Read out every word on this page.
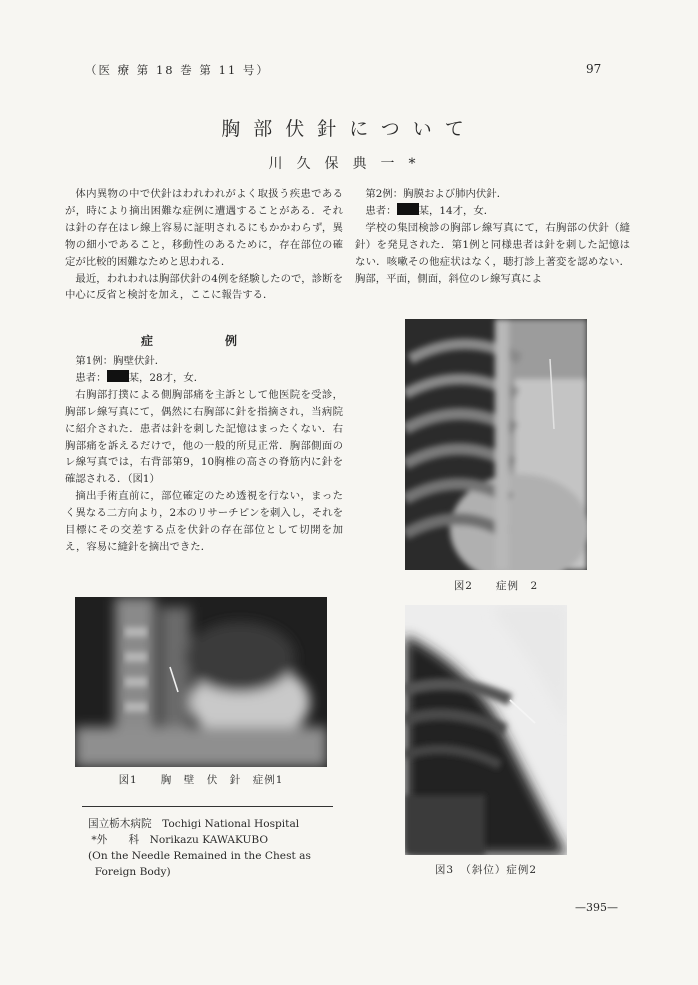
（医 療 第 18 巻 第 11 号）	97
胸部伏針について
川久保典一*

体内異物の中で伏針はわれわれがよく取扱う疾患であるが，時により摘出困難な症例に遭遇することがある．それは針の存在はレ線上容易に証明されるにもかかわらず，異物の細小であること，移動性のあるために，存在部位の確定が比較的困難なためと思われる．

最近，われわれは胸部伏針の4例を経験したので，診断を中心に反省と検討を加え，ここに報告する．

症　例

第1例：胸壁伏針．

患者： 某，28才，女．

右胸部打撲による側胸部痛を主訴として他医院を受診，胸部レ線写真にて，偶然に右胸部に針を指摘され，当病院に紹介された．患者は針を刺した記憶はまったくない．右胸部痛を訴えるだけで，他の一般的所見正常．胸部側面のレ線写真では，右背部第9，10胸椎の高さの脊筋内に針を確認される．（図1）

摘出手術直前に，部位確定のため透視を行ない，まったく異なる二方向より，2本のリサーチピンを刺入し，それを目標にその交差する点を伏針の存在部位として切開を加え，容易に縫針を摘出できた．

第2例：胸膜および肺内伏針．

患者： 某，14才，女．

学校の集団検診の胸部レ線写真にて，右胸部の伏針（縫針）を発見された．第1例と同様患者は針を刺した記憶はない．咳嗽その他症状はなく，聴打診上著変を認めない．胸部，平面，側面，斜位のレ線写真によ

図2　　症例　2
図1　　胸　壁　伏　針　症例1
図3　（斜位）症例2
国立栃木病院　Tochigi National Hospital
*外　　科　Norikazu KAWAKUBO
(On the Needle Remained in the Chest as
Foreign Body)
—395—
